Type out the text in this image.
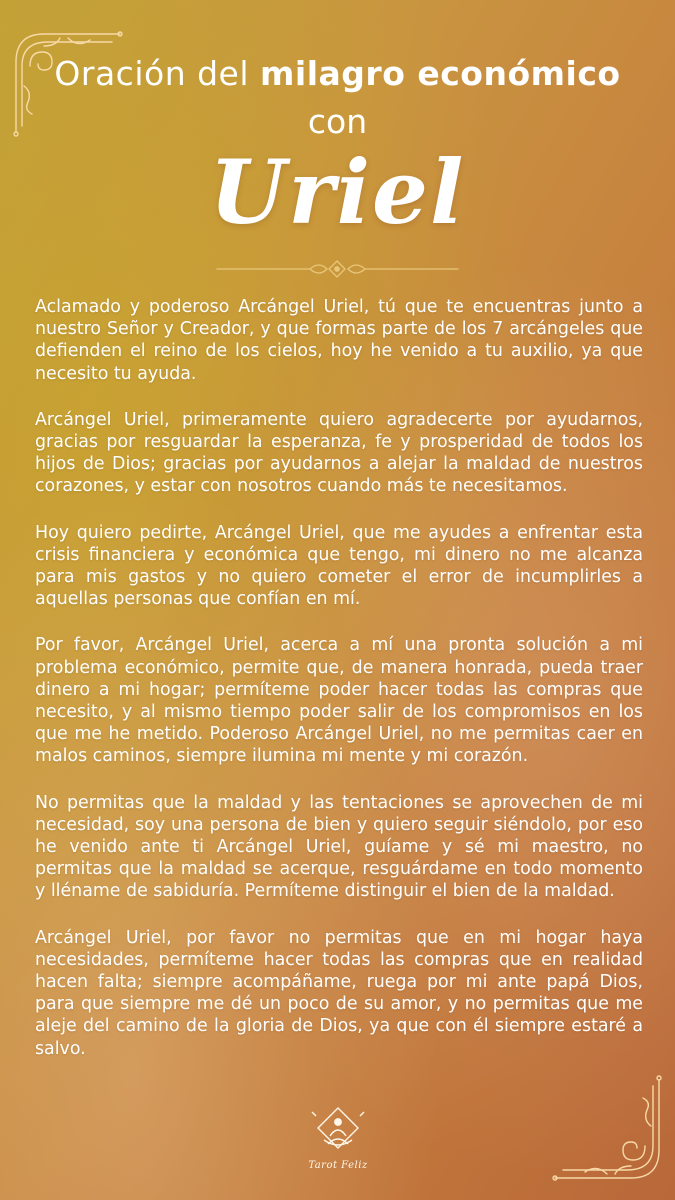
Oración del milagro económico
con
Uriel

Aclamado y poderoso Arcángel Uriel, tú que te encuentras junto a nuestro Señor y Creador, y que formas parte de los 7 arcángeles que defienden el reino de los cielos, hoy he venido a tu auxilio, ya que necesito tu ayuda.

Arcángel Uriel, primeramente quiero agradecerte por ayudarnos, gracias por resguardar la esperanza, fe y prosperidad de todos los hijos de Dios; gracias por ayudarnos a alejar la maldad de nuestros corazones, y estar con nosotros cuando más te necesitamos.

Hoy quiero pedirte, Arcángel Uriel, que me ayudes a enfrentar esta crisis financiera y económica que tengo, mi dinero no me alcanza para mis gastos y no quiero cometer el error de incumplirles a aquellas personas que confían en mí.

Por favor, Arcángel Uriel, acerca a mí una pronta solución a mi problema económico, permite que, de manera honrada, pueda traer dinero a mi hogar; permíteme poder hacer todas las compras que necesito, y al mismo tiempo poder salir de los compromisos en los que me he metido. Poderoso Arcángel Uriel, no me permitas caer en malos caminos, siempre ilumina mi mente y mi corazón.

No permitas que la maldad y las tentaciones se aprovechen de mi necesidad, soy una persona de bien y quiero seguir siéndolo, por eso he venido ante ti Arcángel Uriel, guíame y sé mi maestro, no permitas que la maldad se acerque, resguárdame en todo momento y lléname de sabiduría. Permíteme distinguir el bien de la maldad.

Arcángel Uriel, por favor no permitas que en mi hogar haya necesidades, permíteme hacer todas las compras que en realidad hacen falta; siempre acompáñame, ruega por mi ante papá Dios, para que siempre me dé un poco de su amor, y no permitas que me aleje del camino de la gloria de Dios, ya que con él siempre estaré a salvo.

Tarot Feliz
